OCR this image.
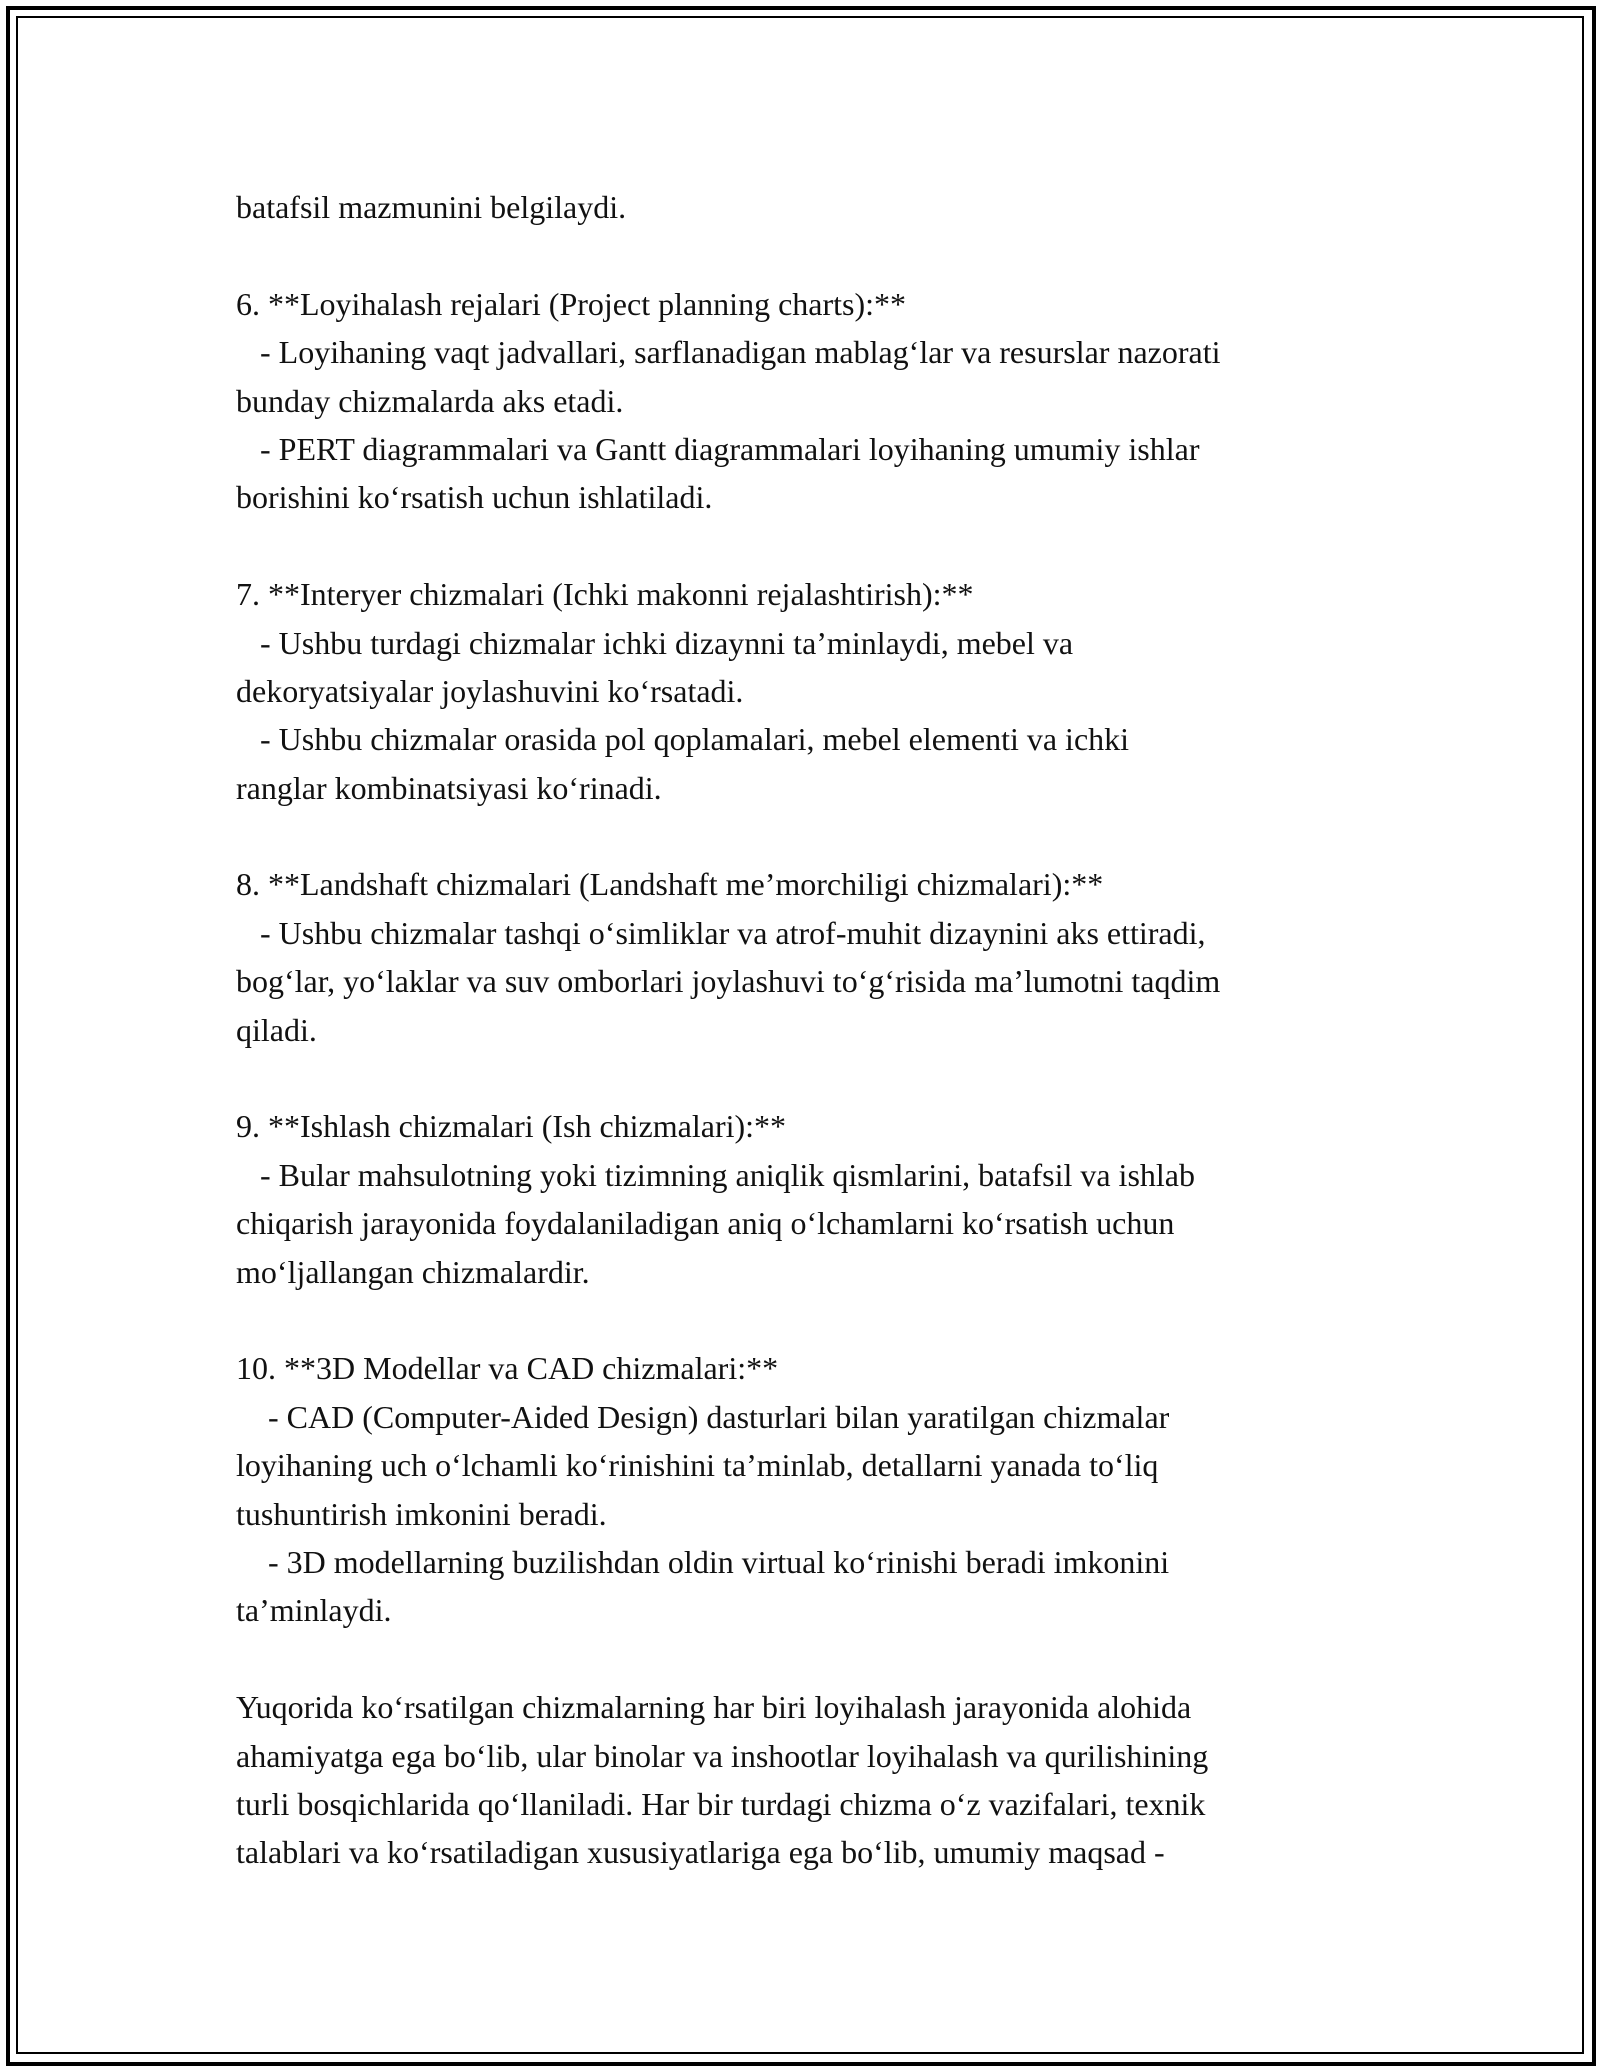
batafsil mazmunini belgilaydi.
6. **Loyihalash rejalari (Project planning charts):**
- Loyihaning vaqt jadvallari, sarflanadigan mablag‘lar va resurslar nazorati
bunday chizmalarda aks etadi.
- PERT diagrammalari va Gantt diagrammalari loyihaning umumiy ishlar
borishini ko‘rsatish uchun ishlatiladi.
7. **Interyer chizmalari (Ichki makonni rejalashtirish):**
- Ushbu turdagi chizmalar ichki dizaynni ta’minlaydi, mebel va
dekoryatsiyalar joylashuvini ko‘rsatadi.
- Ushbu chizmalar orasida pol qoplamalari, mebel elementi va ichki
ranglar kombinatsiyasi ko‘rinadi.
8. **Landshaft chizmalari (Landshaft me’morchiligi chizmalari):**
- Ushbu chizmalar tashqi o‘simliklar va atrof-muhit dizaynini aks ettiradi,
bog‘lar, yo‘laklar va suv omborlari joylashuvi to‘g‘risida ma’lumotni taqdim
qiladi.
9. **Ishlash chizmalari (Ish chizmalari):**
- Bular mahsulotning yoki tizimning aniqlik qismlarini, batafsil va ishlab
chiqarish jarayonida foydalaniladigan aniq o‘lchamlarni ko‘rsatish uchun
mo‘ljallangan chizmalardir.
10. **3D Modellar va CAD chizmalari:**
- CAD (Computer-Aided Design) dasturlari bilan yaratilgan chizmalar
loyihaning uch o‘lchamli ko‘rinishini ta’minlab, detallarni yanada to‘liq
tushuntirish imkonini beradi.
- 3D modellarning buzilishdan oldin virtual ko‘rinishi beradi imkonini
ta’minlaydi.
Yuqorida ko‘rsatilgan chizmalarning har biri loyihalash jarayonida alohida
ahamiyatga ega bo‘lib, ular binolar va inshootlar loyihalash va qurilishining
turli bosqichlarida qo‘llaniladi. Har bir turdagi chizma o‘z vazifalari, texnik
talablari va ko‘rsatiladigan xususiyatlariga ega bo‘lib, umumiy maqsad -
